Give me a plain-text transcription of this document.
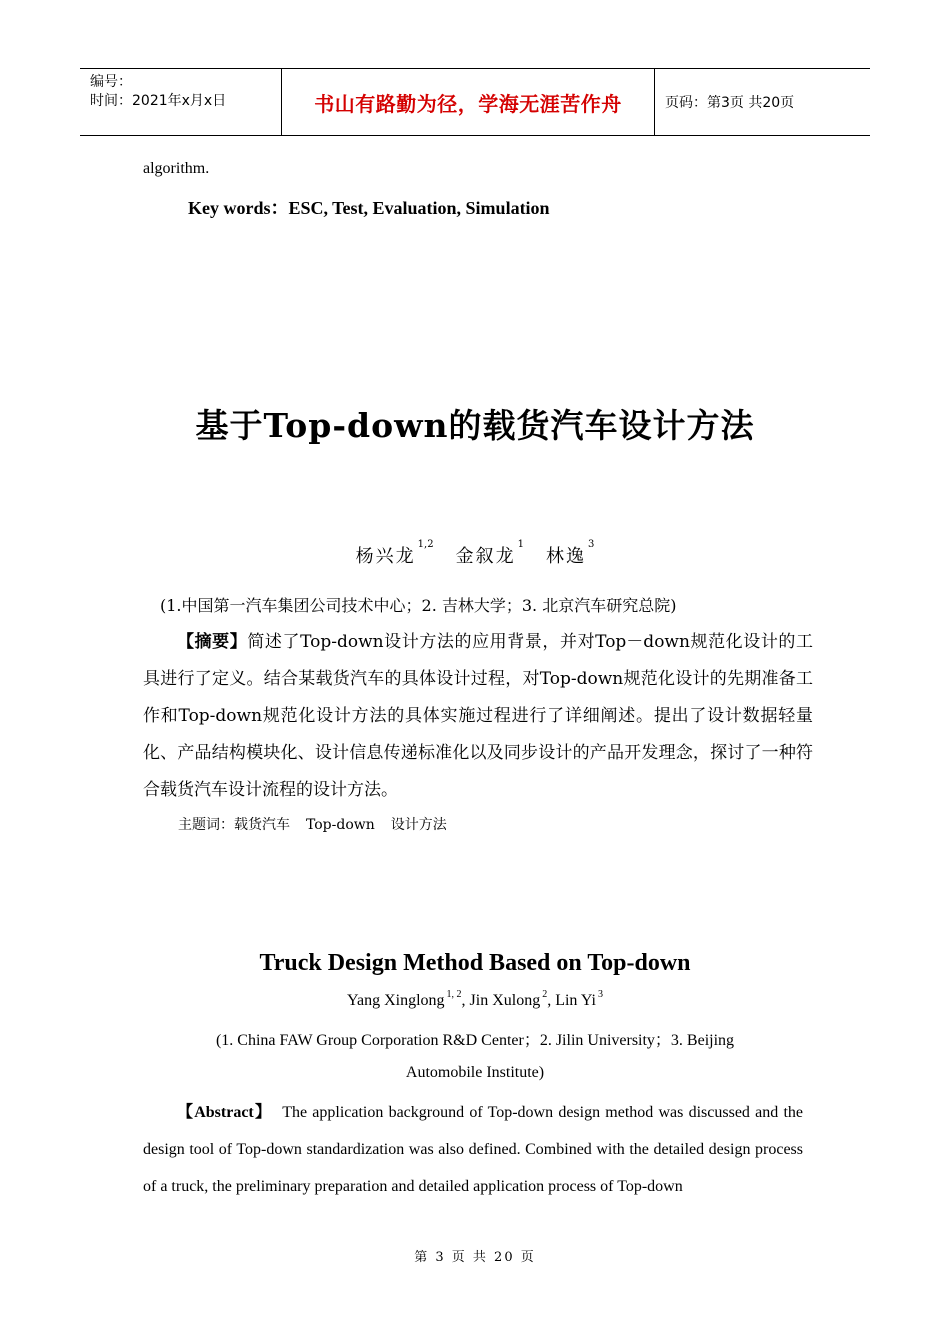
编号：
时间：2021年x月x日	书山有路勤为径，学海无涯苦作舟	页码：第3页 共20页
algorithm.
Key words：ESC, Test, Evaluation, Simulation
基于Top-down的载货汽车设计方法
杨兴龙$^{1,2}$金叙龙$^1$林逸$^3$
(1.中国第一汽车集团公司技术中心；2. 吉林大学；3. 北京汽车研究总院)
【摘要】简述了Top-down设计方法的应用背景，并对Top－down规范化设计的工具进行了定义。结合某载货汽车的具体设计过程，对Top-down规范化设计的先期准备工作和Top-down规范化设计方法的具体实施过程进行了详细阐述。提出了设计数据轻量化、产品结构模块化、设计信息传递标准化以及同步设计的产品开发理念，探讨了一种符合载货汽车设计流程的设计方法。
主题词：载货汽车 Top-down 设计方法
Truck Design Method Based on Top-down
Yang Xinglong $^{1, 2}$, Jin Xulong $^2$, Lin Yi $^3$
(1. China FAW Group Corporation R&D Center；2. Jilin University；3. Beijing
Automobile Institute)
【Abstract】 The application background of Top-down design method was discussed and the design tool of Top-down standardization was also defined. Combined with the detailed design process of a truck, the preliminary preparation and detailed application process of Top-down
第 3 页 共 20 页
